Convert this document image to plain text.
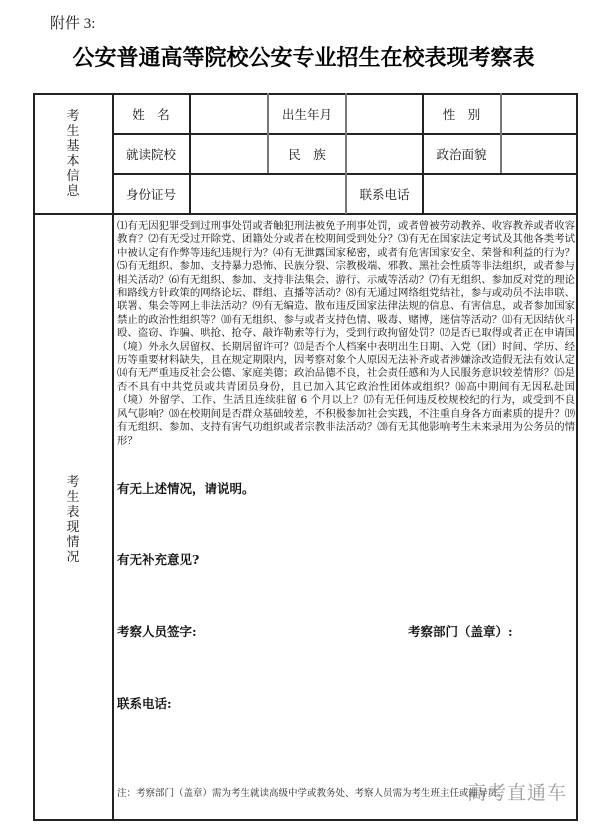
附件 3:
公安普通高等院校公安专业招生在校表现考察表
考
生
基
本
信
息
姓　名	出生年月	性　别
就读院校	民　族	政治面貌
身份证号	联系电话
考
生
表
现
情
况
⑴有无因犯罪受到过刑事处罚或者触犯刑法被免予刑事处罚，或者曾被劳动教养、收容教养或者收容教育？⑵有无受过开除党、团籍处分或者在校期间受到处分？⑶有无在国家法定考试及其他各类考试中被认定有作弊等违纪违规行为？⑷有无泄露国家秘密，或者有危害国家安全、荣誉和利益的行为？⑸有无组织、参加、支持暴力恐怖、民族分裂、宗教极端、邪教、黑社会性质等非法组织，或者参与相关活动？⑹有无组织、参加、支持非法集会、游行、示威等活动？⑺有无组织、参加反对党的理论和路线方针政策的网络论坛、群组、直播等活动？⑻有无通过网络组党结社，参与或动员不法串联、联署、集会等网上非法活动？⑼有无编造、散布违反国家法律法规的信息、有害信息，或者参加国家禁止的政治性组织等？⑽有无组织、参与或者支持色情、吸毒、赌博，迷信等活动？⑾有无因结伙斗殴、盗窃、诈骗、哄抢、抢夺、敲诈勒索等行为，受到行政拘留处罚？⑿是否已取得或者正在申请国（境）外永久居留权、长期居留许可？⒀是否个人档案中表明出生日期、入党（团）时间、学历、经历等重要材料缺失，且在规定期限内，因考察对象个人原因无法补齐或者涉嫌涂改造假无法有效认定⒁有无严重违反社会公德、家庭美德；政治品德不良，社会责任感和为人民服务意识较差情形？⒂是否不具有中共党员或共青团员身份，且已加入其它政治性团体或组织？⒃高中期间有无因私赴国（境）外留学、工作、生活且连续驻留 6 个月以上？⒄有无任何违反校规校纪的行为，或受到不良风气影响？⒅在校期间是否群众基础较差，不积极参加社会实践，不注重自身各方面素质的提升？⒆有无组织、参加、支持有害气功组织或者宗教非法活动？⒇有无其他影响考生未来录用为公务员的情形？
有无上述情况，请说明。
有无补充意见?
考察人员签字:	考察部门（盖章）:
联系电话:
注：考察部门（盖章）需为考生就读高级中学或教务处、考察人员需为考生班主任或辅导员。
高考直通车
